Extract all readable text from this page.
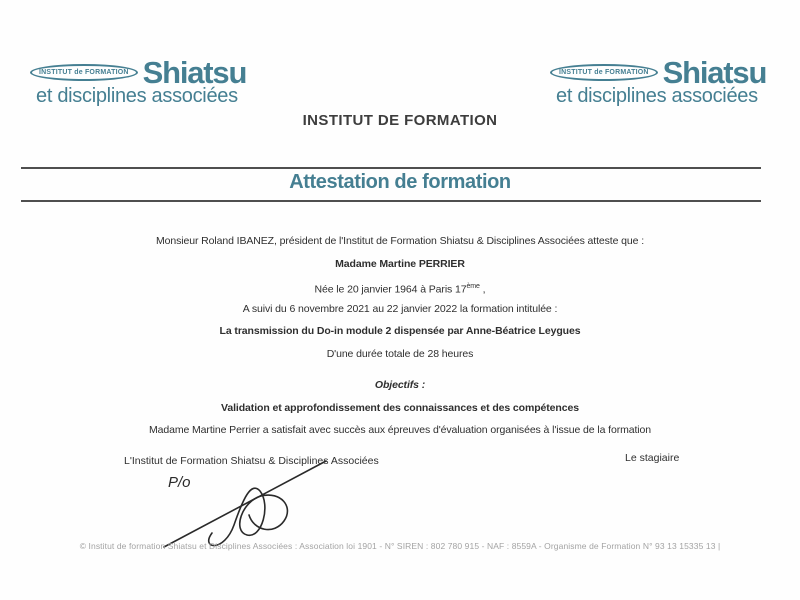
INSTITUT de FORMATION Shiatsu
et disciplines associées
INSTITUT de FORMATION Shiatsu
et disciplines associées
INSTITUT DE FORMATION
Attestation de formation

Monsieur Roland IBANEZ, président de l'Institut de Formation Shiatsu & Disciplines Associées atteste que :

Madame Martine PERRIER

Née le 20 janvier 1964 à Paris 17ème ,

A suivi du 6 novembre 2021 au 22 janvier 2022 la formation intitulée :

La transmission du Do-in module 2 dispensée par Anne-Béatrice Leygues

D'une durée totale de 28 heures

Objectifs :

Validation et approfondissement des connaissances et des compétences

Madame Martine Perrier a satisfait avec succès aux épreuves d'évaluation organisées à l'issue de la formation

L'Institut de Formation Shiatsu & Disciplines Associées	Le stagiaire
P/o
© Institut de formation Shiatsu et Disciplines Associées : Association loi 1901 - N° SIREN : 802 780 915 - NAF : 8559A - Organisme de Formation N° 93 13 15335 13 |
